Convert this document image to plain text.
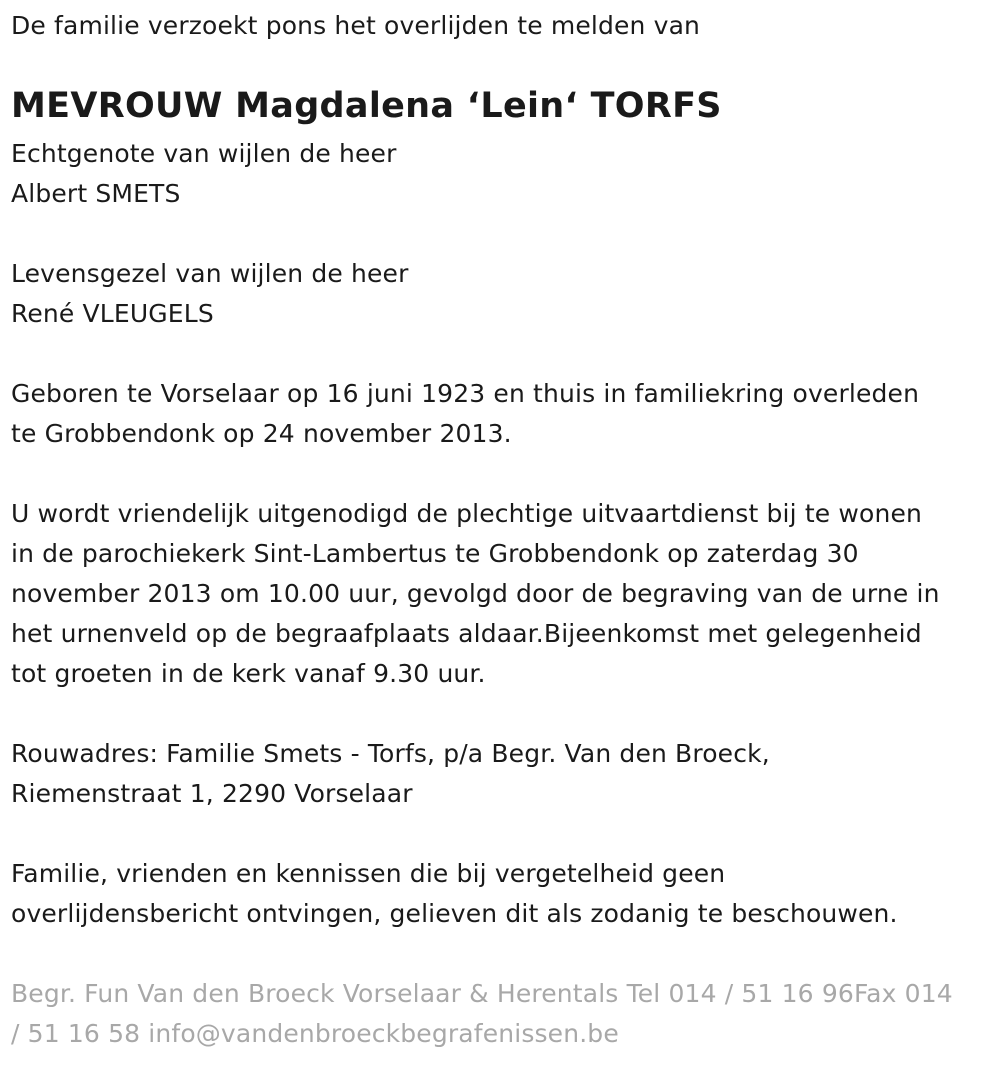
De familie verzoekt pons het overlijden te melden van
MEVROUW Magdalena ‘Lein‘ TORFS
Echtgenote van wijlen de heer
Albert SMETS
Levensgezel van wijlen de heer
René VLEUGELS
Geboren te Vorselaar op 16 juni 1923 en thuis in familiekring overleden
te Grobbendonk op 24 november 2013.
U wordt vriendelijk uitgenodigd de plechtige uitvaartdienst bij te wonen
in de parochiekerk Sint-Lambertus te Grobbendonk op zaterdag 30
november 2013 om 10.00 uur, gevolgd door de begraving van de urne in
het urnenveld op de begraafplaats aldaar.Bijeenkomst met gelegenheid
tot groeten in de kerk vanaf 9.30 uur.
Rouwadres: Familie Smets - Torfs, p/a Begr. Van den Broeck,
Riemenstraat 1, 2290 Vorselaar
Familie, vrienden en kennissen die bij vergetelheid geen
overlijdensbericht ontvingen, gelieven dit als zodanig te beschouwen.
Begr. Fun Van den Broeck Vorselaar & Herentals Tel 014 / 51 16 96Fax 014
/ 51 16 58 info@vandenbroeckbegrafenissen.be
